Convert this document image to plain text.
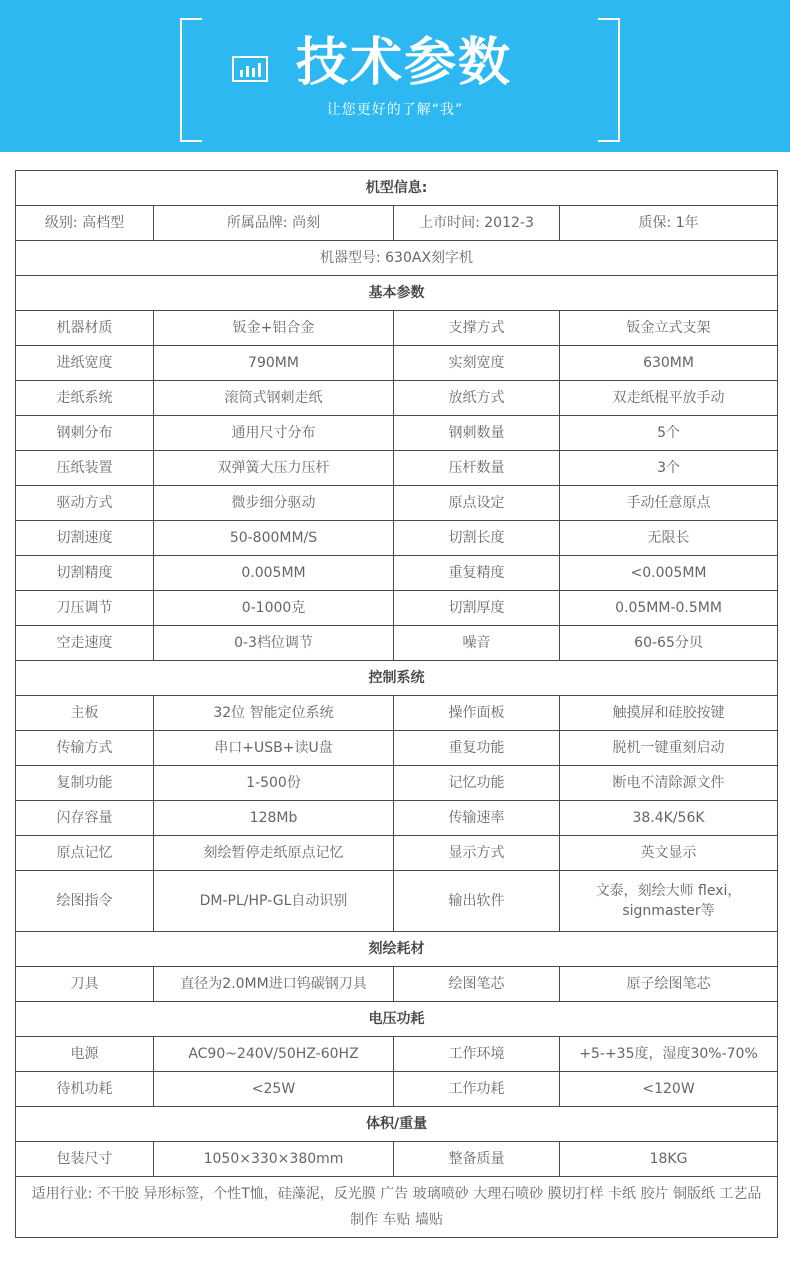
技术参数
让您更好的了解“我”
机型信息:			
级别: 高档型	所属品牌: 尚刻	上市时间: 2012-3	质保: 1年
机器型号: 630AX刻字机			
基本参数			
机器材质	钣金+铝合金	支撑方式	钣金立式支架
进纸宽度	790MM	实刻宽度	630MM
走纸系统	滚筒式钢刺走纸	放纸方式	双走纸棍平放手动
钢刺分布	通用尺寸分布	钢刺数量	5个
压纸装置	双弹簧大压力压杆	压杆数量	3个
驱动方式	微步细分驱动	原点设定	手动任意原点
切割速度	50-800MM/S	切割长度	无限长
切割精度	0.005MM	重复精度	<0.005MM
刀压调节	0-1000克	切割厚度	0.05MM-0.5MM
空走速度	0-3档位调节	噪音	60-65分贝
控制系统			
主板	32位 智能定位系统	操作面板	触摸屏和硅胶按键
传输方式	串口+USB+读U盘	重复功能	脱机一键重刻启动
复制功能	1-500份	记忆功能	断电不清除源文件
闪存容量	128Mb	传输速率	38.4K/56K
原点记忆	刻绘暂停走纸原点记忆	显示方式	英文显示
绘图指令	DM-PL/HP-GL自动识别	输出软件	文泰，刻绘大师 flexi，signmaster等
刻绘耗材			
刀具	直径为2.0MM进口钨碳钢刀具	绘图笔芯	原子绘图笔芯
电压功耗			
电源	AC90~240V/50HZ-60HZ	工作环境	+5-+35度，湿度30%-70%
待机功耗	<25W	工作功耗	<120W
体积/重量			
包装尺寸	1050×330×380mm	整备质量	18KG
适用行业: 不干胶 异形标签，个性T恤，硅藻泥，反光膜 广告 玻璃喷砂 大理石喷砂 膜切打样 卡纸 胶片 铜版纸 工艺品制作 车贴 墙贴			
